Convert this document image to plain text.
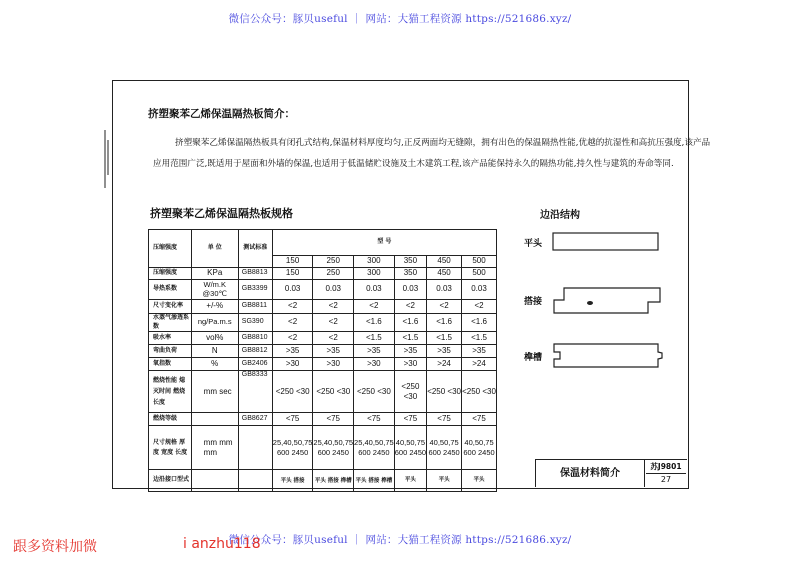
微信公众号：豚贝useful ｜ 网站：大猫工程资源 https://521686.xyz/
挤塑聚苯乙烯保温隔热板简介：
挤塑聚苯乙烯保温隔热板具有闭孔式结构,保温材料厚度均匀,正反两面均无缝隙，拥有出色的保温隔热性能,优越的抗湿性和高抗压强度,该产品
应用范围广泛,既适用于屋面和外墙的保温,也适用于低温储贮设施及土木建筑工程,该产品能保持永久的隔热功能,持久性与建筑的寿命等同.
挤塑聚苯乙烯保温隔热板规格
压缩强度	单 位	测试标准	型 号					
			150	250	300	350	450	500
压缩强度	KPa	GB8813	150	250	300	350	450	500
导热系数	W/m.K @30℃	GB3399	0.03	0.03	0.03	0.03	0.03	0.03
尺寸变化率	+/-%	GB8811	<2	<2	<2	<2	<2	<2
水蒸气渗透系数	ng/Pa.m.s	SG390	<2	<2	<1.6	<1.6	<1.6	<1.6
吸水率	vol%	GB8810	<2	<2	<1.5	<1.5	<1.5	<1.5
弯曲负荷	N	GB8812	>35	>35	>35	>35	>35	>35
氧指数	%	GB2406	>30	>30	>30	>30	>24	>24
燃烧性能 熄灭时间 燃烧长度	mm sec	GB8333	<250 <30	<250 <30	<250 <30	<250 <30	<250 <30	<250 <30
燃烧等级		GB8627	<75	<75	<75	<75	<75	<75
尺寸规格 厚度 宽度 长度	mm mm mm		25,40,50,75 600 2450	25,40,50,75 600 2450	25,40,50,75 600 2450	40,50,75 600 2450	40,50,75 600 2450	40,50,75 600 2450
边沿接口型式			平头 搭接	平头 搭接 榫槽	平头 搭接 榫槽	平头	平头	平头
边沿结构
平头
搭接
榫槽
保温材料简介
苏J9801
27
微信公众号：豚贝useful ｜ 网站：大猫工程资源 https://521686.xyz/
跟多资料加微	i anzhu118
